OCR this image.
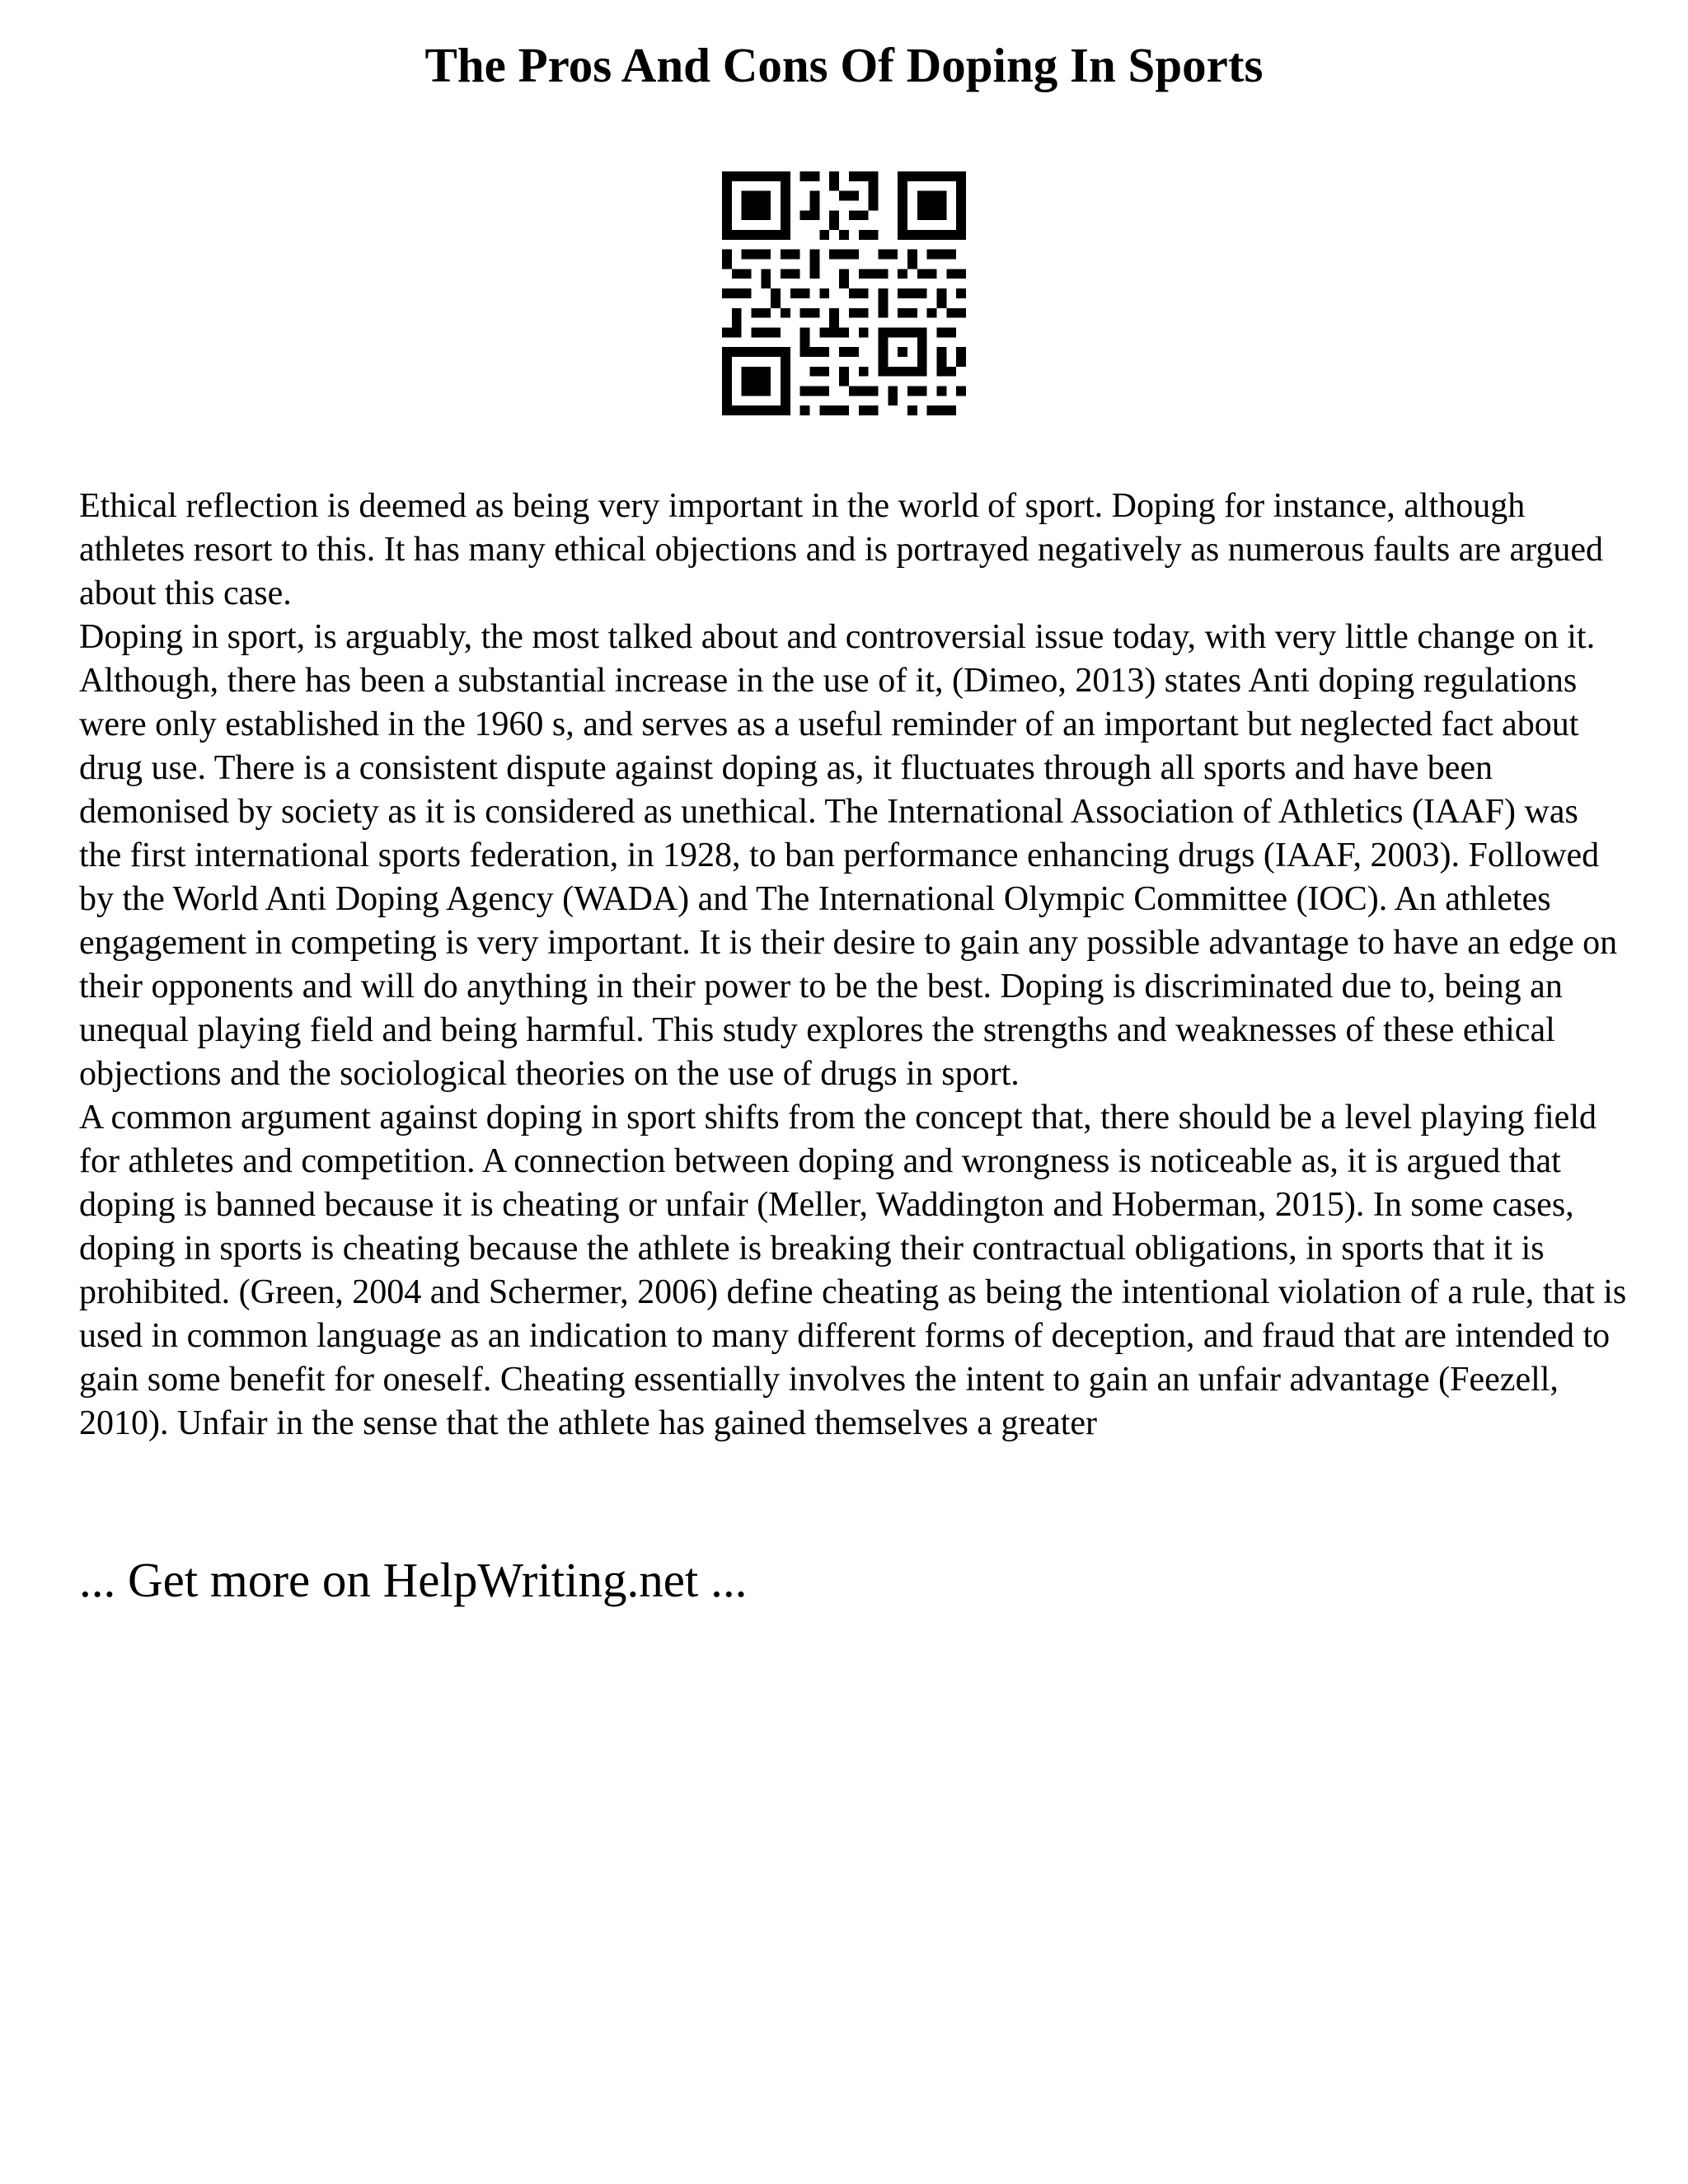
The Pros And Cons Of Doping In Sports

Ethical reflection is deemed as being very important in the world of sport. Doping for instance, although athletes resort to this. It has many ethical objections and is portrayed negatively as numerous faults are argued about this case.

Doping in sport, is arguably, the most talked about and controversial issue today, with very little change on it. Although, there has been a substantial increase in the use of it, (Dimeo, 2013) states Anti doping regulations were only established in the 1960 s, and serves as a useful reminder of an important but neglected fact about drug use. There is a consistent dispute against doping as, it fluctuates through all sports and have been demonised by society as it is considered as unethical. The International Association of Athletics (IAAF) was the first international sports federation, in 1928, to ban performance enhancing drugs (IAAF, 2003). Followed by the World Anti Doping Agency (WADA) and The International Olympic Committee (IOC). An athletes engagement in competing is very important. It is their desire to gain any possible advantage to have an edge on their opponents and will do anything in their power to be the best. Doping is discriminated due to, being an unequal playing field and being harmful. This study explores the strengths and weaknesses of these ethical objections and the sociological theories on the use of drugs in sport.

A common argument against doping in sport shifts from the concept that, there should be a level playing field for athletes and competition. A connection between doping and wrongness is noticeable as, it is argued that doping is banned because it is cheating or unfair (Meller, Waddington and Hoberman, 2015). In some cases, doping in sports is cheating because the athlete is breaking their contractual obligations, in sports that it is prohibited. (Green, 2004 and Schermer, 2006) define cheating as being the intentional violation of a rule, that is used in common language as an indication to many different forms of deception, and fraud that are intended to gain some benefit for oneself. Cheating essentially involves the intent to gain an unfair advantage (Feezell, 2010). Unfair in the sense that the athlete has gained themselves a greater

... Get more on HelpWriting.net ...
